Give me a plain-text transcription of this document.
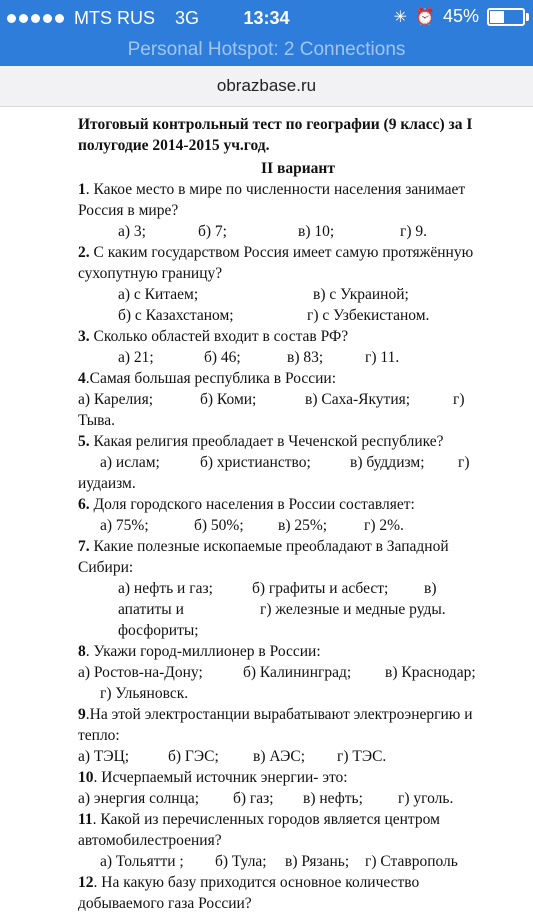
MTS RUS 3G	13:34	✳ ⏰ 45%
Personal Hotspot: 2 Connections
obrazbase.ru

Итоговый контрольный тест по географии (9 класс) за I

полугодие 2014-2015 уч.год.

II вариант

1. Какое место в мире по численности населения занимает

Россия в мире?

а) 3;	б) 7;	в) 10;	г) 9.

2. С каким государством Россия имеет самую протяжённую

сухопутную границу?

а) с Китаем;	в) с Украиной;

б) с Казахстаном;	г) с Узбекистаном.

3. Сколько областей входит в состав РФ?

а) 21;	б) 46;	в) 83;	г) 11.

4.Самая большая республика в России:

а) Карелия;	б) Коми;	в) Саха-Якутия;	г)

Тыва.

5. Какая религия преобладает в Чеченской республике?

а) ислам;	б) христианство;	в) буддизм;	г)

иудаизм.

6. Доля городского населения в России составляет:

а) 75%;	б) 50%;	в) 25%;	г) 2%.

7. Какие полезные ископаемые преобладают в Западной

Сибири:

а) нефть и газ;	б) графиты и асбест;	в)

апатиты и фосфориты;
г) железные и медные руды.

8. Укажи город-миллионер в России:

а) Ростов-на-Дону;	б) Калининград;	в) Краснодар;

г) Ульяновск.

9.На этой электростанции вырабатывают электроэнергию и

тепло:

а) ТЭЦ;	б) ГЭС;	в) АЭС;	г) ТЭС.

10. Исчерпаемый источник энергии- это:

а) энергия солнца;	б) газ;	в) нефть;	г) уголь.

11. Какой из перечисленных городов является центром

автомобилестроения?

а) Тольятти ;	б) Тула;	в) Рязань;	г) Ставрополь

12. На какую базу приходится основное количество

добываемого газа России?
